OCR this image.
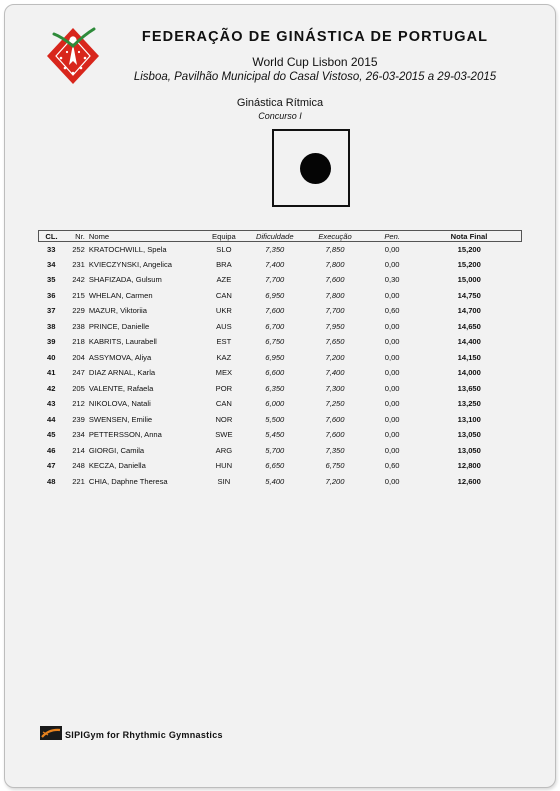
FEDERAÇÃO DE GINÁSTICA DE PORTUGAL
World Cup Lisbon 2015
Lisboa, Pavilhão Municipal do Casal Vistoso, 26-03-2015 a 29-03-2015
Ginástica Rítmica
Concurso I
CL.	Nr.	Nome	Equipa	Dificuldade	Execução	Pen.	Nota Final
33	252	KRATOCHWILL, Spela	SLO	7,350	7,850	0,00	15,200
34	231	KVIECZYNSKI, Angelica	BRA	7,400	7,800	0,00	15,200
35	242	SHAFIZADA, Gulsum	AZE	7,700	7,600	0,30	15,000
36	215	WHELAN, Carmen	CAN	6,950	7,800	0,00	14,750
37	229	MAZUR, Viktoriia	UKR	7,600	7,700	0,60	14,700
38	238	PRINCE, Danielle	AUS	6,700	7,950	0,00	14,650
39	218	KABRITS, Laurabell	EST	6,750	7,650	0,00	14,400
40	204	ASSYMOVA, Aliya	KAZ	6,950	7,200	0,00	14,150
41	247	DIAZ ARNAL, Karla	MEX	6,600	7,400	0,00	14,000
42	205	VALENTE, Rafaela	POR	6,350	7,300	0,00	13,650
43	212	NIKOLOVA, Natali	CAN	6,000	7,250	0,00	13,250
44	239	SWENSEN, Emilie	NOR	5,500	7,600	0,00	13,100
45	234	PETTERSSON, Anna	SWE	5,450	7,600	0,00	13,050
46	214	GIORGI, Camila	ARG	5,700	7,350	0,00	13,050
47	248	KECZA, Daniella	HUN	6,650	6,750	0,60	12,800
48	221	CHIA, Daphne Theresa	SIN	5,400	7,200	0,00	12,600
SIPIGym for Rhythmic Gymnastics
